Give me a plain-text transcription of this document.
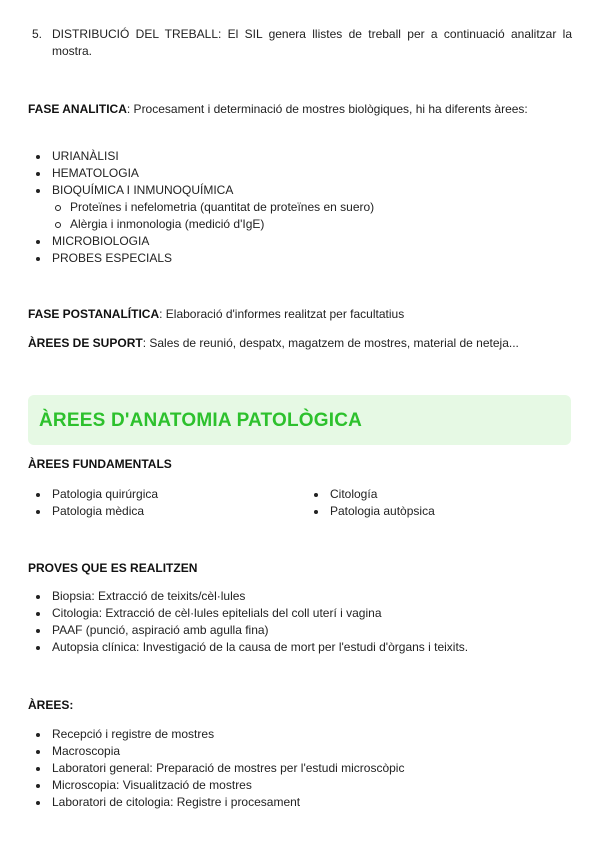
5. DISTRIBUCIÓ DEL TREBALL: El SIL genera llistes de treball per a continuació analitzar la mostra.

FASE ANALITICA: Procesament i determinació de mostres biològiques, hi ha diferents àrees:

URIANÀLISI
HEMATOLOGIA
BIOQUÍMICA I INMUNOQUÍMICA
Proteïnes i nefelometria (quantitat de proteïnes en suero)
Alèrgia i inmonologia (medició d'IgE)
MICROBIOLOGIA
PROBES ESPECIALS

FASE POSTANALÍTICA: Elaboració d'informes realitzat per facultatius

ÀREES DE SUPORT: Sales de reunió, despatx, magatzem de mostres, material de neteja...

ÀREES D'ANATOMIA PATOLÒGICA
ÀREES FUNDAMENTALS
Patologia quirúrgica
Patologia mèdica
Citología
Patologia autòpsica
PROVES QUE ES REALITZEN
Biopsia: Extracció de teixits/cèl·lules
Citologia: Extracció de cèl·lules epitelials del coll uterí i vagina
PAAF (punció, aspiració amb agulla fina)
Autopsia clínica: Investigació de la causa de mort per l'estudi d'òrgans i teixits.
ÀREES:
Recepció i registre de mostres
Macroscopia
Laboratori general: Preparació de mostres per l'estudi microscòpic
Microscopia: Visualització de mostres
Laboratori de citologia: Registre i procesament
